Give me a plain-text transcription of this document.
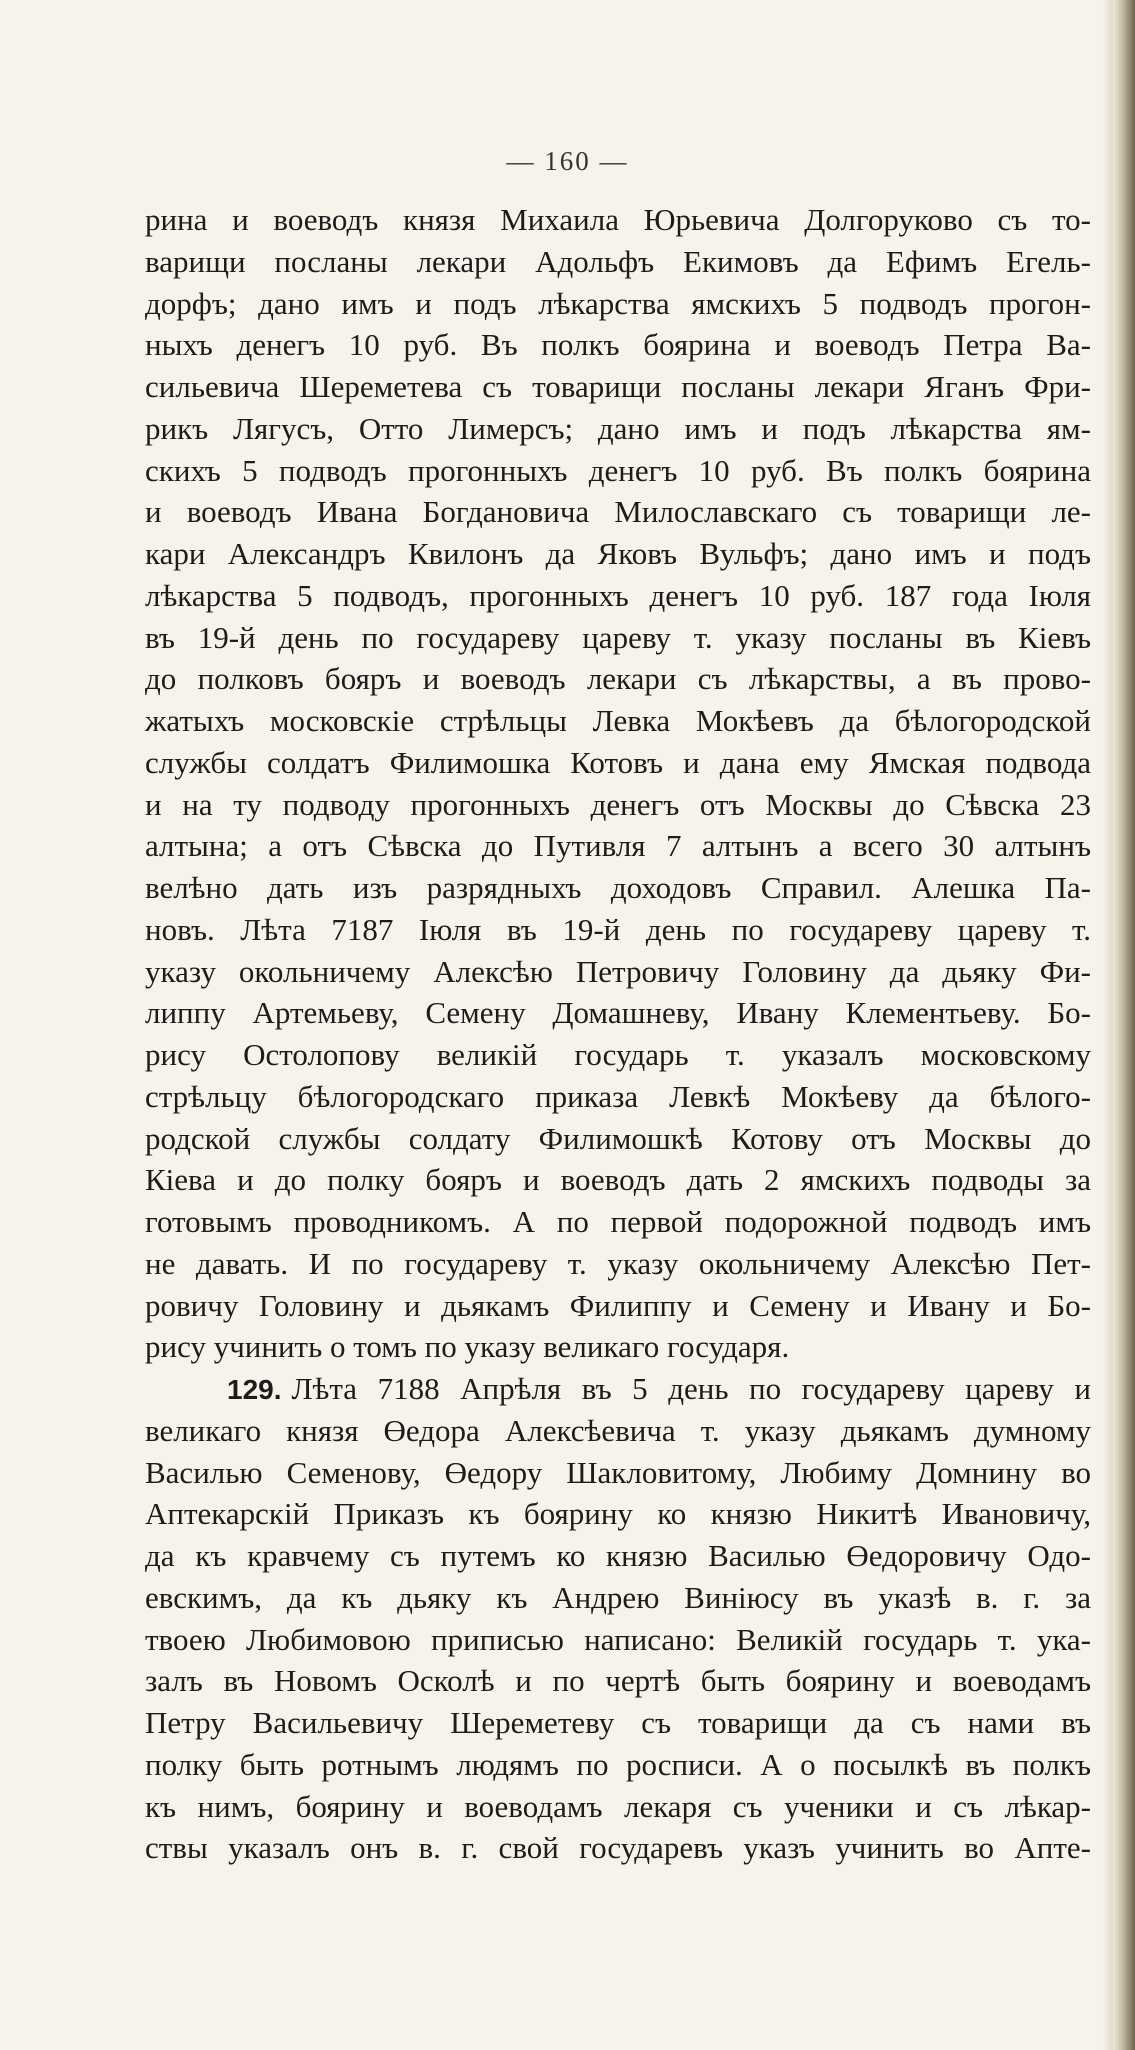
— 160 —
рина и воеводъ князя Михаила Юрьевича Долгоруково съ то-
варищи посланы лекари Адольфъ Екимовъ да Ефимъ Егель-
дорфъ; дано имъ и подъ лѣкарства ямскихъ 5 подводъ прогон-
ныхъ денегъ 10 руб. Въ полкъ боярина и воеводъ Петра Ва-
сильевича Шереметева съ товарищи посланы лекари Яганъ Фри-
рикъ Лягусъ, Отто Лимерсъ; дано имъ и подъ лѣкарства ям-
скихъ 5 подводъ прогонныхъ денегъ 10 руб. Въ полкъ боярина
и воеводъ Ивана Богдановича Милославскаго съ товарищи ле-
кари Александръ Квилонъ да Яковъ Вульфъ; дано имъ и подъ
лѣкарства 5 подводъ, прогонныхъ денегъ 10 руб. 187 года Іюля
въ 19-й день по государеву цареву т. указу посланы въ Кіевъ
до полковъ бояръ и воеводъ лекари съ лѣкарствы, а въ прово-
жатыхъ московскіе стрѣльцы Левка Мокѣевъ да бѣлогородской
службы солдатъ Филимошка Котовъ и дана ему Ямская подвода
и на ту подводу прогонныхъ денегъ отъ Москвы до Сѣвска 23
алтына; а отъ Сѣвска до Путивля 7 алтынъ а всего 30 алтынъ
велѣно дать изъ разрядныхъ доходовъ Справил. Алешка Па-
новъ. Лѣта 7187 Іюля въ 19-й день по государеву цареву т.
указу окольничему Алексѣю Петровичу Головину да дьяку Фи-
липпу Артемьеву, Семену Домашневу, Ивану Клементьеву. Бо-
рису Остолопову великій государь т. указалъ московскому
стрѣльцу бѣлогородскаго приказа Левкѣ Мокѣеву да бѣлого-
родской службы солдату Филимошкѣ Котову отъ Москвы до
Кіева и до полку бояръ и воеводъ дать 2 ямскихъ подводы за
готовымъ проводникомъ. А по первой подорожной подводъ имъ
не давать. И по государеву т. указу окольничему Алексѣю Пет-
ровичу Головину и дьякамъ Филиппу и Семену и Ивану и Бо-
рису учинить о томъ по указу великаго государя.
129. Лѣта 7188 Апрѣля въ 5 день по государеву цареву и
великаго князя Өедора Алексѣевича т. указу дьякамъ думному
Василью Семенову, Өедору Шакловитому, Любиму Домнину во
Аптекарскій Приказъ къ боярину ко князю Никитѣ Ивановичу,
да къ кравчему съ путемъ ко князю Василью Өедоровичу Одо-
евскимъ, да къ дьяку къ Андрею Виніюсу въ указѣ в. г. за
твоею Любимовою приписью написано: Великій государь т. ука-
залъ въ Новомъ Осколѣ и по чертѣ быть боярину и воеводамъ
Петру Васильевичу Шереметеву съ товарищи да съ нами въ
полку быть ротнымъ людямъ по росписи. А о посылкѣ въ полкъ
къ нимъ, боярину и воеводамъ лекаря съ ученики и съ лѣкар-
ствы указалъ онъ в. г. свой государевъ указъ учинить во Апте-
